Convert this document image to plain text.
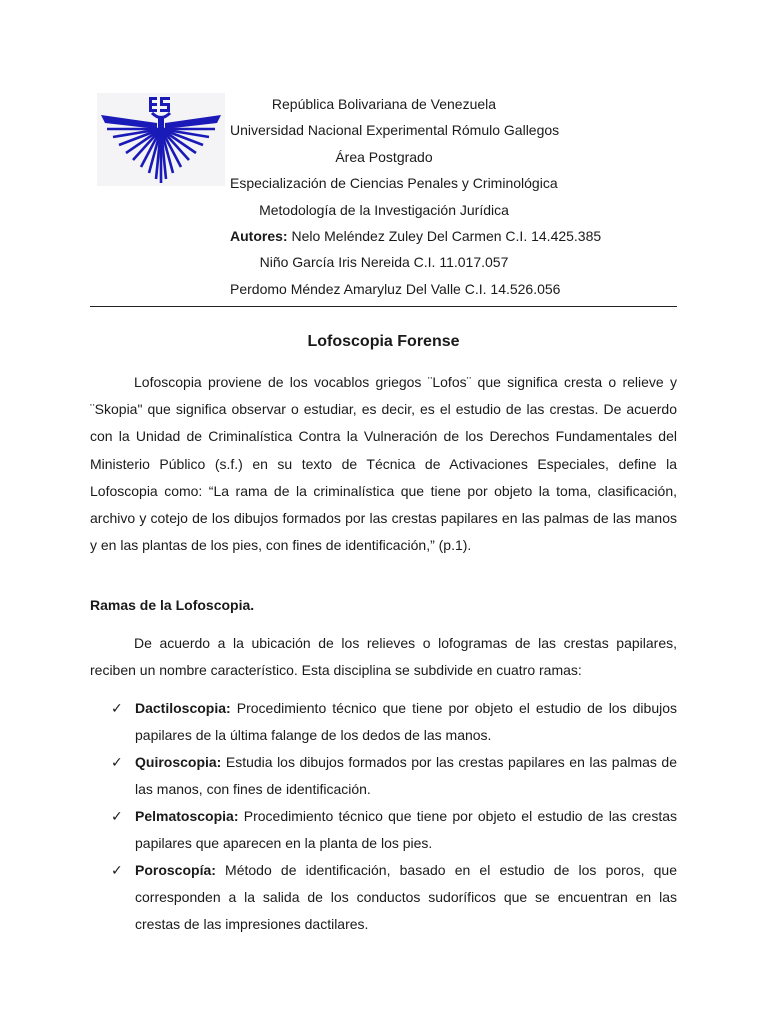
República Bolivariana de Venezuela
Universidad Nacional Experimental Rómulo Gallegos
Área Postgrado
Especialización de Ciencias Penales y Criminológica
Metodología de la Investigación Jurídica
Autores: Nelo Meléndez Zuley Del Carmen C.I. 14.425.385
Niño García Iris Nereida C.I. 11.017.057
Perdomo Méndez Amaryluz Del Valle C.I. 14.526.056
Lofoscopia Forense
Lofoscopia proviene de los vocablos griegos ¨Lofos¨ que significa cresta o relieve y ¨Skopia" que significa observar o estudiar, es decir, es el estudio de las crestas. De acuerdo con la Unidad de Criminalística Contra la Vulneración de los Derechos Fundamentales del Ministerio Público (s.f.) en su texto de Técnica de Activaciones Especiales, define la Lofoscopia como: “La rama de la criminalística que tiene por objeto la toma, clasificación, archivo y cotejo de los dibujos formados por las crestas papilares en las palmas de las manos y en las plantas de los pies, con fines de identificación,” (p.1).
Ramas de la Lofoscopia.
De acuerdo a la ubicación de los relieves o lofogramas de las crestas papilares, reciben un nombre característico. Esta disciplina se subdivide en cuatro ramas:
✓ Dactiloscopia: Procedimiento técnico que tiene por objeto el estudio de los dibujos papilares de la última falange de los dedos de las manos.
✓ Quiroscopia: Estudia los dibujos formados por las crestas papilares en las palmas de las manos, con fines de identificación.
✓ Pelmatoscopia: Procedimiento técnico que tiene por objeto el estudio de las crestas papilares que aparecen en la planta de los pies.
✓ Poroscopía: Método de identificación, basado en el estudio de los poros, que corresponden a la salida de los conductos sudoríficos que se encuentran en las crestas de las impresiones dactilares.
